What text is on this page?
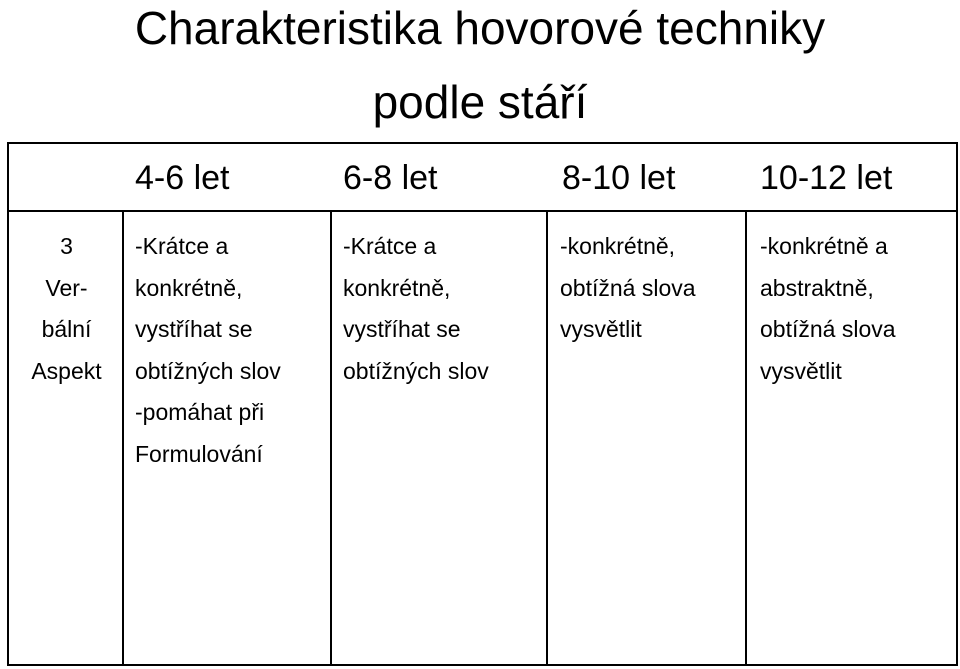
Charakteristika hovorové techniky
podle stáří
4-6 let	6-8 let	8-10 let 10-12 let
3
Ver-
bální
Aspekt
-Krátce a
konkrétně,
vystříhat se
obtížných slov
-pomáhat při
Formulování
-Krátce a
konkrétně,
vystříhat se
obtížných slov
-konkrétně,
obtížná slova
vysvětlit
-konkrétně a
abstraktně,
obtížná slova
vysvětlit
